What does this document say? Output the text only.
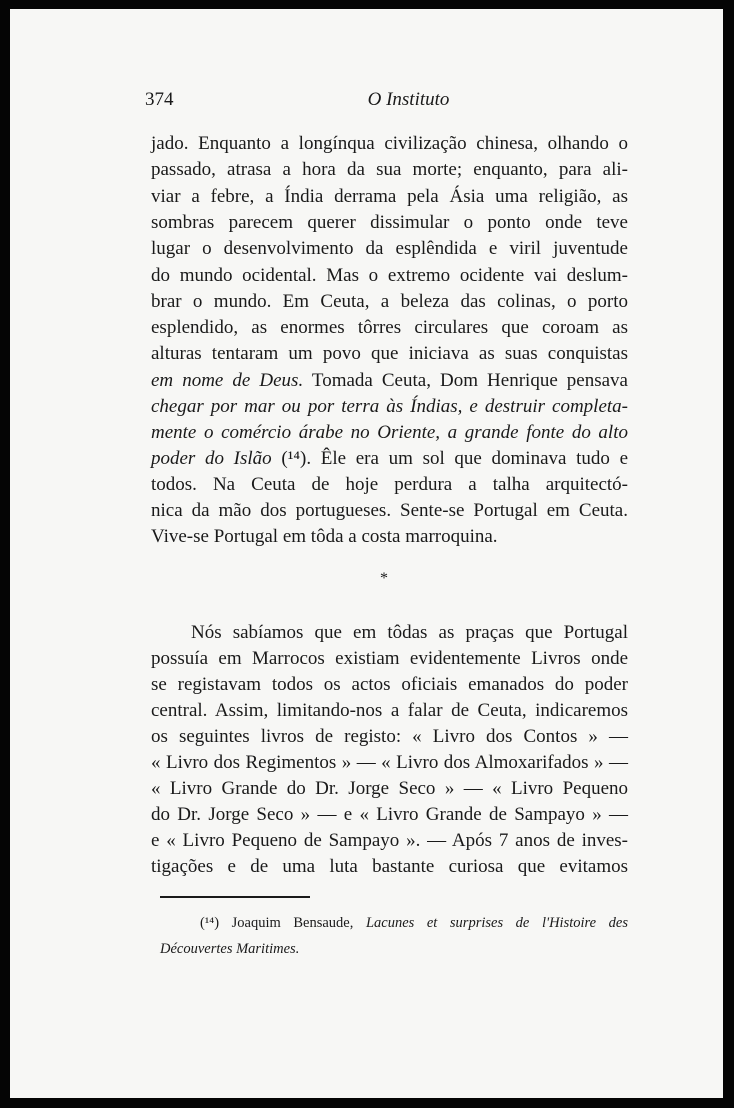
374	O Instituto
jado. Enquanto a longínqua civilização chinesa, olhando o
passado, atrasa a hora da sua morte; enquanto, para ali-
viar a febre, a Índia derrama pela Ásia uma religião, as
sombras parecem querer dissimular o ponto onde teve
lugar o desenvolvimento da esplêndida e viril juventude
do mundo ocidental. Mas o extremo ocidente vai deslum-
brar o mundo. Em Ceuta, a beleza das colinas, o porto
esplendido, as enormes tôrres circulares que coroam as
alturas tentaram um povo que iniciava as suas conquistas
em nome de Deus. Tomada Ceuta, Dom Henrique pensava
chegar por mar ou por terra às Índias, e destruir completa-
mente o comércio árabe no Oriente, a grande fonte do alto
poder do Islão (¹⁴). Êle era um sol que dominava tudo e
todos. Na Ceuta de hoje perdura a talha arquitectó-
nica da mão dos portugueses. Sente-se Portugal em Ceuta.
Vive-se Portugal em tôda a costa marroquina.
*
Nós sabíamos que em tôdas as praças que Portugal
possuía em Marrocos existiam evidentemente Livros onde
se registavam todos os actos oficiais emanados do poder
central. Assim, limitando-nos a falar de Ceuta, indicaremos
os seguintes livros de registo: « Livro dos Contos » —
« Livro dos Regimentos » — « Livro dos Almoxarifados » —
« Livro Grande do Dr. Jorge Seco » — « Livro Pequeno
do Dr. Jorge Seco » — e « Livro Grande de Sampayo » —
e « Livro Pequeno de Sampayo ». — Após 7 anos de inves-
tigações e de uma luta bastante curiosa que evitamos
(¹⁴) Joaquim Bensaude, Lacunes et surprises de l'Histoire des
Découvertes Maritimes.
